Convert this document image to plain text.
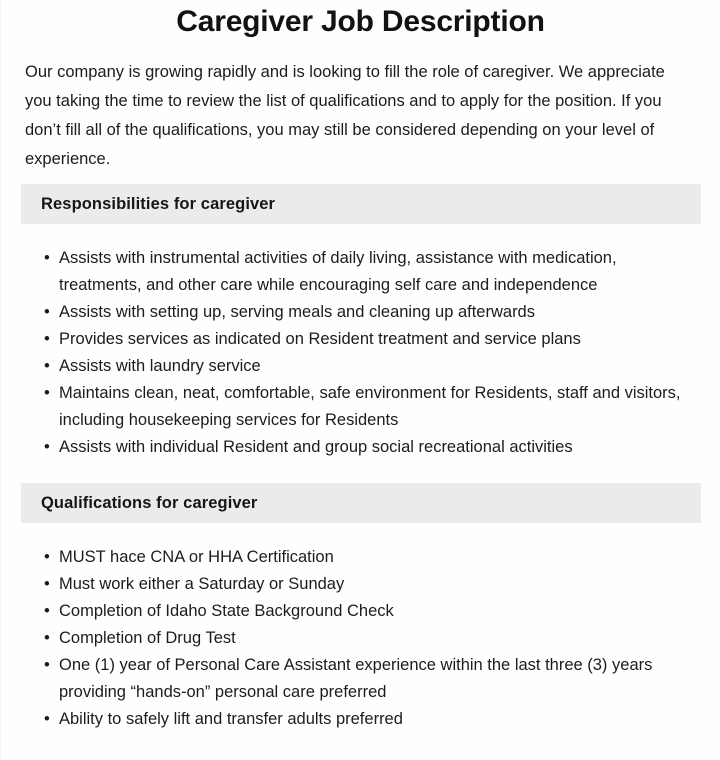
Caregiver Job Description

Our company is growing rapidly and is looking to fill the role of caregiver. We appreciate you taking the time to review the list of qualifications and to apply for the position. If you don’t fill all of the qualifications, you may still be considered depending on your level of experience.

Responsibilities for caregiver
• Assists with instrumental activities of daily living, assistance with medication, treatments, and other care while encouraging self care and independence
• Assists with setting up, serving meals and cleaning up afterwards
• Provides services as indicated on Resident treatment and service plans
• Assists with laundry service
• Maintains clean, neat, comfortable, safe environment for Residents, staff and visitors, including housekeeping services for Residents
• Assists with individual Resident and group social recreational activities
Qualifications for caregiver
• MUST hace CNA or HHA Certification
• Must work either a Saturday or Sunday
• Completion of Idaho State Background Check
• Completion of Drug Test
• One (1) year of Personal Care Assistant experience within the last three (3) years providing “hands-on” personal care preferred
• Ability to safely lift and transfer adults preferred
